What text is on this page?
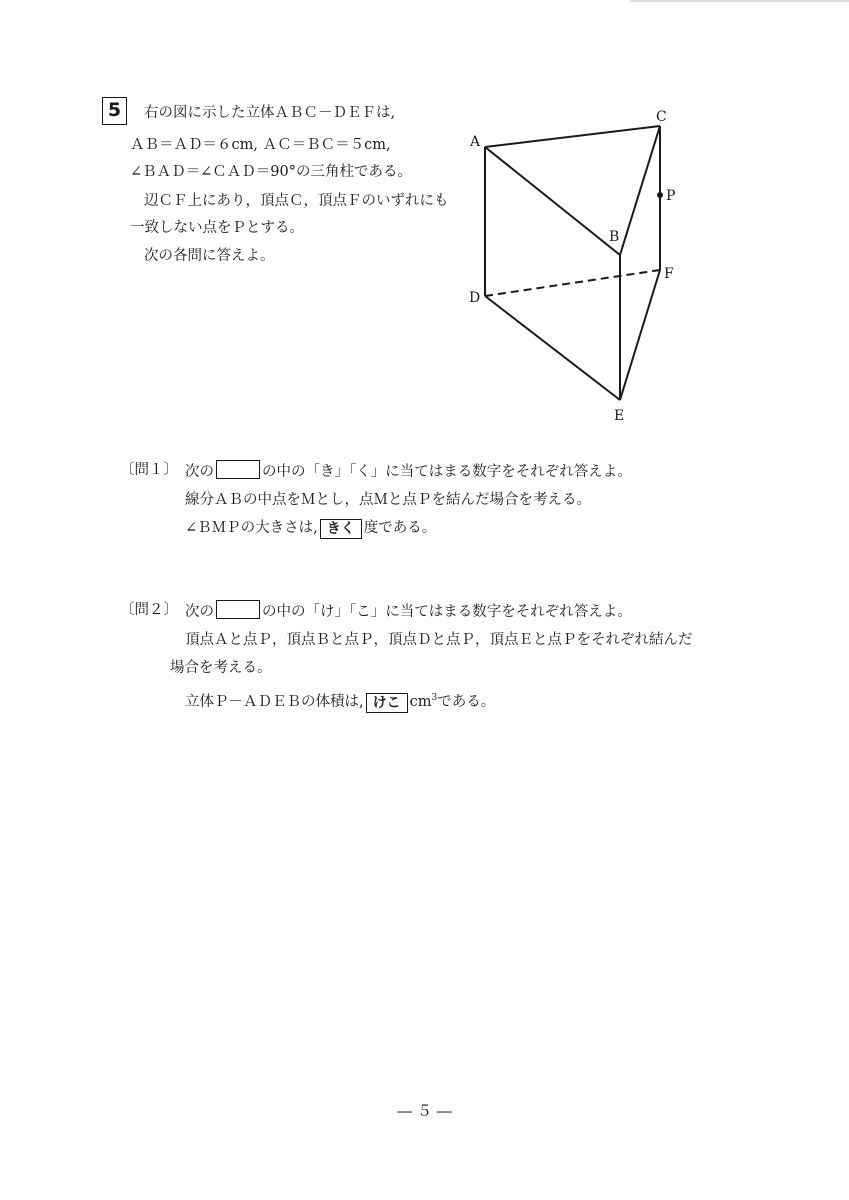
5	右の図に示した立体ＡＢＣ－ＤＥＦは,
ＡＢ＝ＡＤ＝６cm, ＡＣ＝ＢＣ＝５cm,
∠ＢＡＤ＝∠ＣＡＤ＝90°の三角柱である。
辺ＣＦ上にあり，頂点Ｃ，頂点Ｆのいずれにも
一致しない点をＰとする。
次の各問に答えよ。
A
C
P
B
F
D
E
〔問１〕 次の	の中の「き」「く」に当てはまる数字をそれぞれ答えよ。
線分ＡＢの中点をＭとし，点Ｍと点Ｐを結んだ場合を考える。
∠ＢＭＰの大きさは, きく 度である。
〔問２〕 次の	の中の「け」「こ」に当てはまる数字をそれぞれ答えよ。
頂点Ａと点Ｐ，頂点Ｂと点Ｐ，頂点Ｄと点Ｐ，頂点Ｅと点Ｐをそれぞれ結んだ
場合を考える。
立体Ｐ－ＡＤＥＢの体積は, けこ $cm^3$である。
― ５ ―
